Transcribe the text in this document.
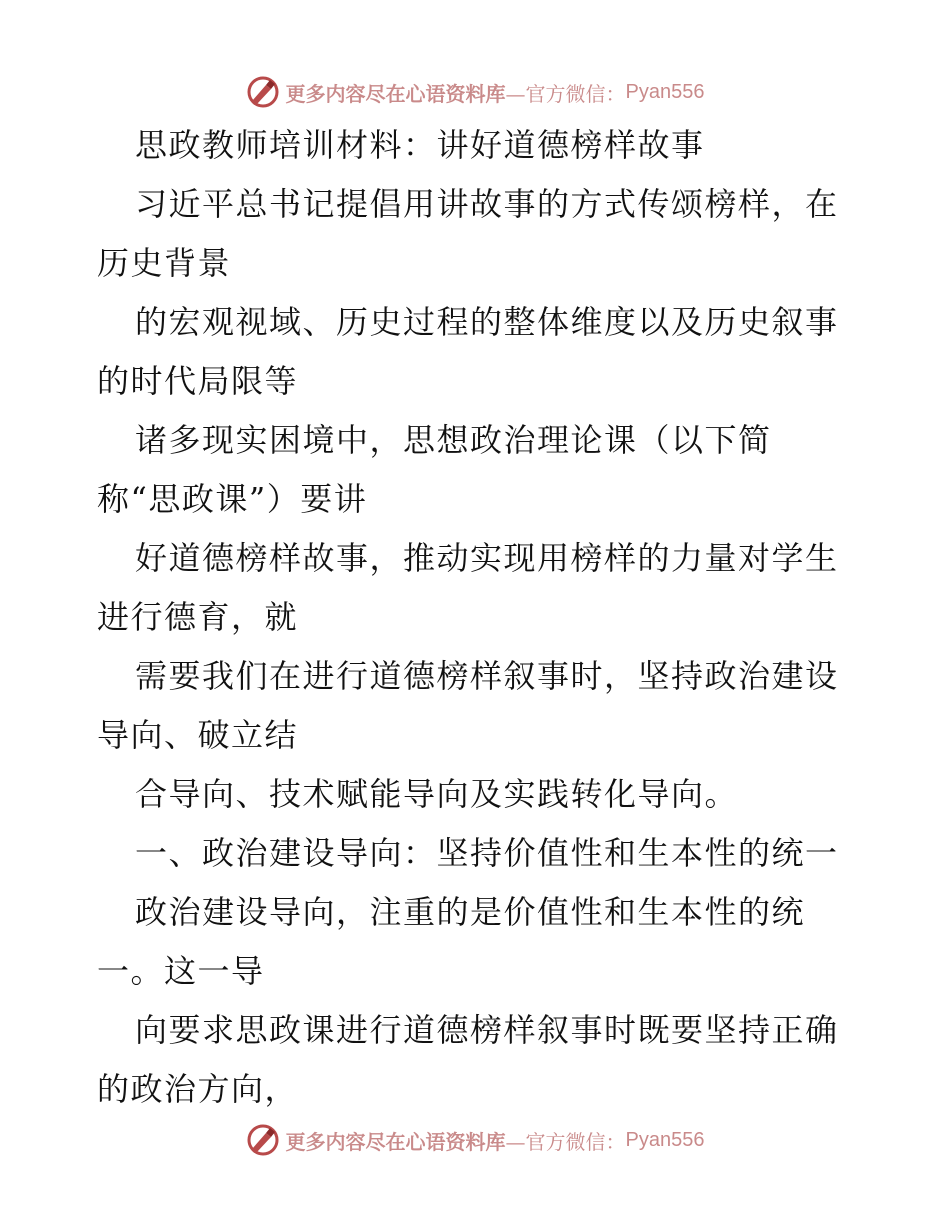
更多内容尽在心语资料库 —官方微信： Pyan556
思政教师培训材料：讲好道德榜样故事
习近平总书记提倡用讲故事的方式传颂榜样，在
历史背景
的宏观视域、历史过程的整体维度以及历史叙事
的时代局限等
诸多现实困境中，思想政治理论课（以下简
称“思政课”）要讲
好道德榜样故事，推动实现用榜样的力量对学生
进行德育，就
需要我们在进行道德榜样叙事时，坚持政治建设
导向、破立结
合导向、技术赋能导向及实践转化导向。
一、政治建设导向：坚持价值性和生本性的统一
政治建设导向，注重的是价值性和生本性的统
一。这一导
向要求思政课进行道德榜样叙事时既要坚持正确
的政治方向，
更多内容尽在心语资料库 —官方微信： Pyan556
